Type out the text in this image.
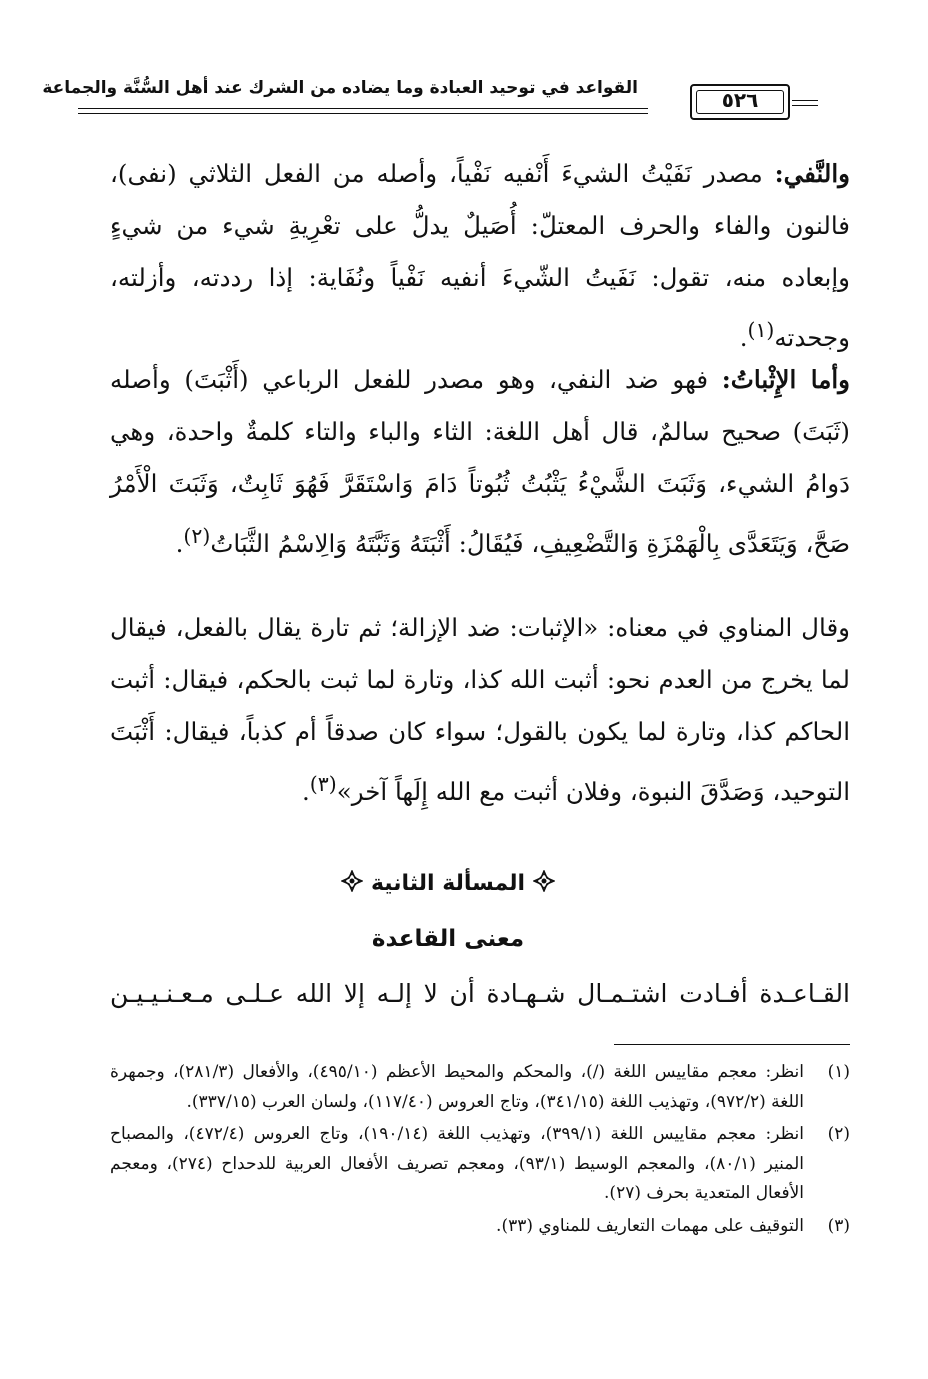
القواعد في توحيد العبادة وما يضاده من الشرك عند أهل السُّنَّة والجماعة	٥٢٦
والنَّفي: مصدر نَفَيْتُ الشيءَ أَنْفيه نَفْياً، وأصله من الفعل الثلاثي (نفى)، فالنون والفاء والحرف المعتلّ: أُصَيلٌ يدلُّ على تعْرِيةِ شيء من شيءٍ وإبعاده منه، تقول: نَفَيتُ الشّيءَ أنفيه نَفْياً ونُفَاية: إذا رددته، وأزلته، وجحدته$^{(١)}$.
وأما الإِثْباتُ: فهو ضد النفي، وهو مصدر للفعل الرباعي (أَثْبَتَ) وأصله (ثَبَتَ) صحيح سالمٌ، قال أهل اللغة: الثاء والباء والتاء كلمةٌ واحدة، وهي دَوامُ الشيء، وَثَبَتَ الشَّيْءُ يَثْبُتُ ثُبُوتاً دَامَ وَاسْتَقَرَّ فَهُوَ ثَابِتٌ، وَثَبَتَ الْأَمْرُ صَحَّ، وَيَتَعَدَّى بِالْهَمْزَةِ وَالتَّضْعِيفِ، فَيُقَالُ: أَثْبَتَهُ وَثَبَّتَهُ وَالِاسْمُ الثَّبَاتُ$^{(٢)}$.
وقال المناوي في معناه: «الإثبات: ضد الإزالة؛ ثم تارة يقال بالفعل، فيقال لما يخرج من العدم نحو: أثبت الله كذا، وتارة لما ثبت بالحكم، فيقال: أثبت الحاكم كذا، وتارة لما يكون بالقول؛ سواء كان صدقاً أم كذباً، فيقال: أَثْبَتَ التوحيد، وَصَدَّقَ النبوة، وفلان أثبت مع الله إِلَهاً آخر»$^{(٣)}$.
المسألة الثانية
معنى القاعدة
القـاعـدة أفـادت اشتـمـال شـهـادة أن لا إلـه إلا الله عـلـى مـعـنـيـيـن
(١)
انظر: معجم مقاييس اللغة (/)، والمحكم والمحيط الأعظم (٤٩٥/١٠)، والأفعال (٢٨١/٣)، وجمهرة اللغة (٩٧٢/٢)، وتهذيب اللغة (٣٤١/١٥)، وتاج العروس (١١٧/٤٠)، ولسان العرب (٣٣٧/١٥).
(٢)
انظر: معجم مقاييس اللغة (٣٩٩/١)، وتهذيب اللغة (١٩٠/١٤)، وتاج العروس (٤٧٢/٤)، والمصباح المنير (٨٠/١)، والمعجم الوسيط (٩٣/١)، ومعجم تصريف الأفعال العربية للدحداح (٢٧٤)، ومعجم الأفعال المتعدية بحرف (٢٧).
(٣)
التوقيف على مهمات التعاريف للمناوي (٣٣).
